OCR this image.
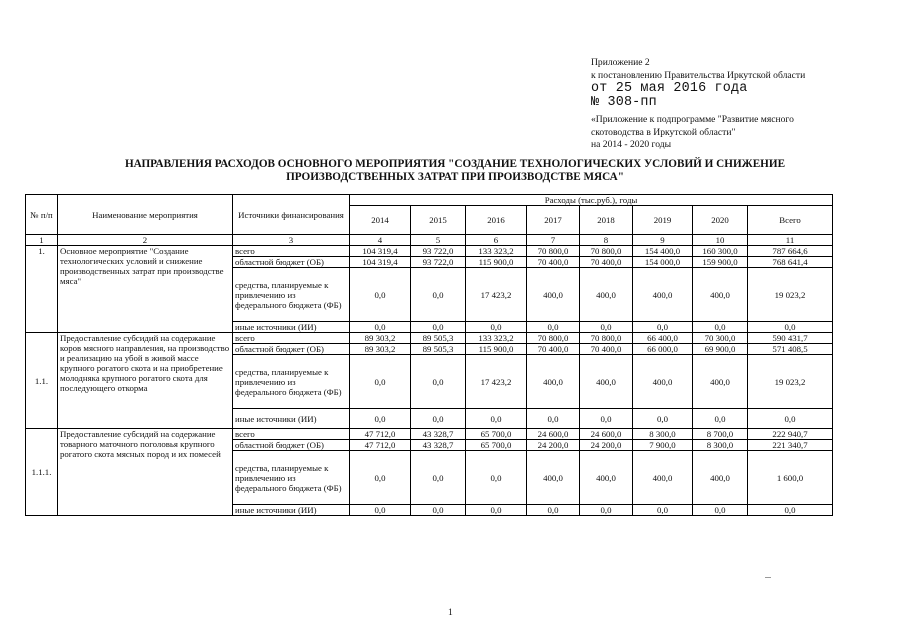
Приложение 2
к постановлению Правительства Иркутской области
от 25 мая 2016 года
№ 308-пп
«Приложение к подпрограмме "Развитие мясного
скотоводства в Иркутской области"
на 2014 - 2020 годы
НАПРАВЛЕНИЯ РАСХОДОВ ОСНОВНОГО МЕРОПРИЯТИЯ "СОЗДАНИЕ ТЕХНОЛОГИЧЕСКИХ УСЛОВИЙ И СНИЖЕНИЕ
ПРОИЗВОДСТВЕННЫХ ЗАТРАТ ПРИ ПРОИЗВОДСТВЕ МЯСА"
№ п/п	Наименование мероприятия	Источники финансирования	Расходы (тыс.руб.), годы							
			2014	2015	2016	2017	2018	2019	2020	Всего
1	2	3	4	5	6	7	8	9	10	11
1.	Основное мероприятие "Создание технологических условий и снижение производственных затрат при производстве мяса"	всего	104 319,4	93 722,0	133 323,2	70 800,0	70 800,0	154 400,0	160 300,0	787 664,6
		областной бюджет (ОБ)	104 319,4	93 722,0	115 900,0	70 400,0	70 400,0	154 000,0	159 900,0	768 641,4
		средства, планируемые к привлечению из федерального бюджета (ФБ)	0,0	0,0	17 423,2	400,0	400,0	400,0	400,0	19 023,2
		иные источники (ИИ)	0,0	0,0	0,0	0,0	0,0	0,0	0,0	0,0
1.1.	Предоставление субсидий на содержание коров мясного направления, на производство и реализацию на убой в живой массе крупного рогатого скота и на приобретение молодняка крупного рогатого скота для последующего откорма	всего	89 303,2	89 505,3	133 323,2	70 800,0	70 800,0	66 400,0	70 300,0	590 431,7
		областной бюджет (ОБ)	89 303,2	89 505,3	115 900,0	70 400,0	70 400,0	66 000,0	69 900,0	571 408,5
		средства, планируемые к привлечению из федерального бюджета (ФБ)	0,0	0,0	17 423,2	400,0	400,0	400,0	400,0	19 023,2
		иные источники (ИИ)	0,0	0,0	0,0	0,0	0,0	0,0	0,0	0,0
1.1.1.	Предоставление субсидий на содержание товарного маточного поголовья крупного рогатого скота мясных пород и их помесей	всего	47 712,0	43 328,7	65 700,0	24 600,0	24 600,0	8 300,0	8 700,0	222 940,7
		областной бюджет (ОБ)	47 712,0	43 328,7	65 700,0	24 200,0	24 200,0	7 900,0	8 300,0	221 340,7
		средства, планируемые к привлечению из федерального бюджета (ФБ)	0,0	0,0	0,0	400,0	400,0	400,0	400,0	1 600,0
		иные источники (ИИ)	0,0	0,0	0,0	0,0	0,0	0,0	0,0	0,0
1
